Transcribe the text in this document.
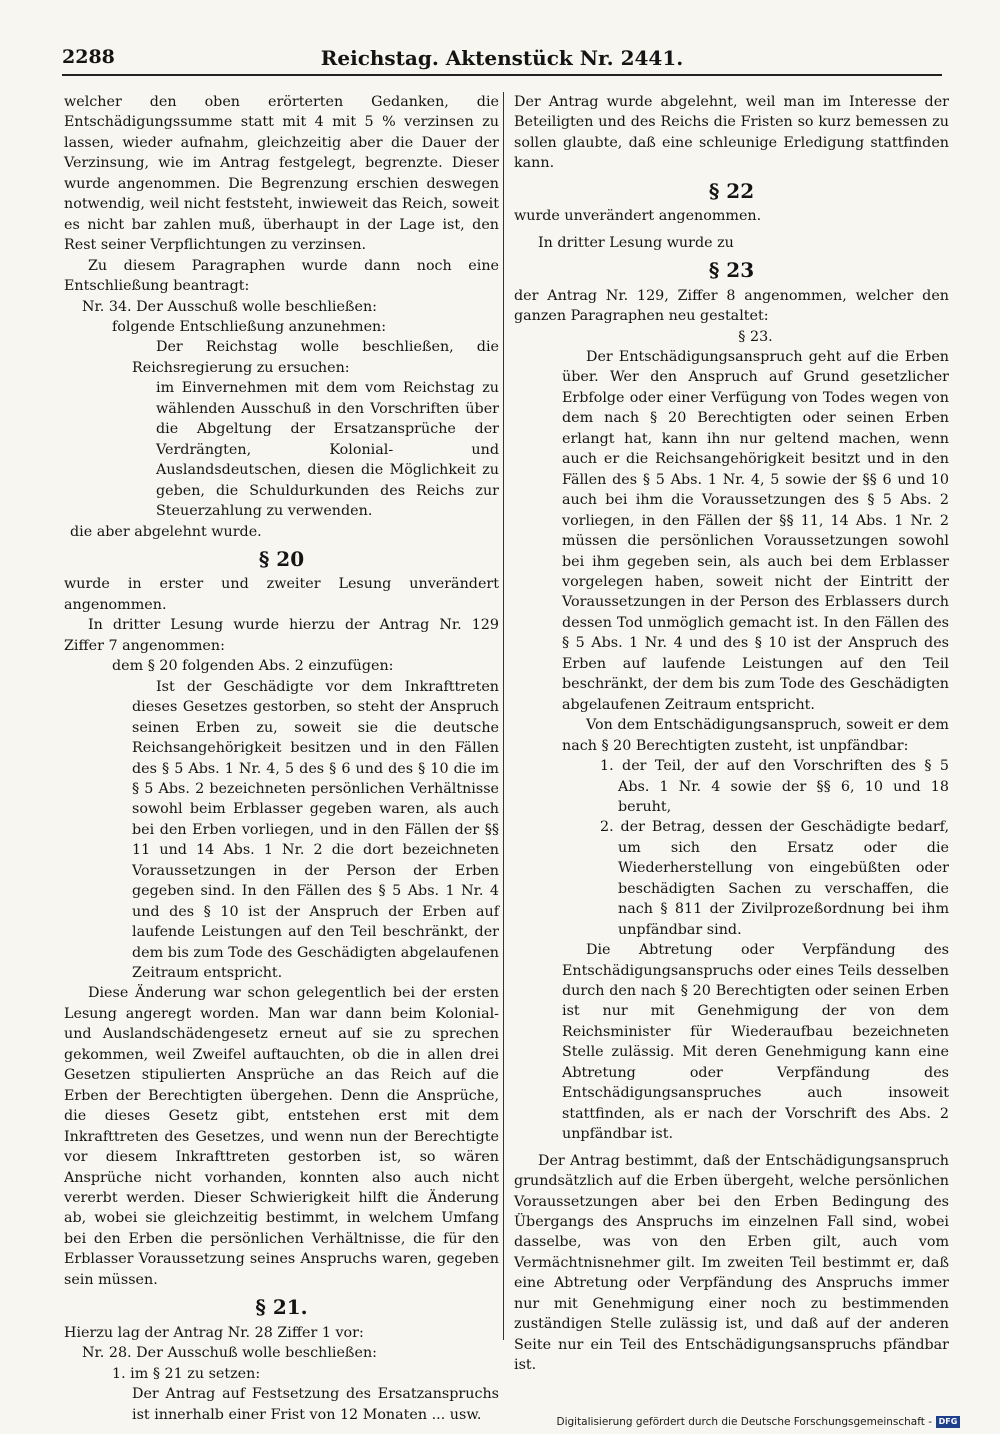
2288	Reichstag. Aktenstück Nr. 2441.

welcher den oben erörterten Gedanken, die Entschädigungssumme statt mit 4 mit 5 % verzinsen zu lassen, wieder aufnahm, gleichzeitig aber die Dauer der Verzinsung, wie im Antrag festgelegt, begrenzte. Dieser wurde angenommen. Die Begrenzung erschien deswegen notwendig, weil nicht feststeht, inwieweit das Reich, soweit es nicht bar zahlen muß, überhaupt in der Lage ist, den Rest seiner Verpflichtungen zu verzinsen.

Zu diesem Paragraphen wurde dann noch eine Entschließung beantragt:

Nr. 34. Der Ausschuß wolle beschließen:

folgende Entschließung anzunehmen:

Der Reichstag wolle beschließen, die Reichsregierung zu ersuchen:

im Einvernehmen mit dem vom Reichstag zu wählenden Ausschuß in den Vorschriften über die Abgeltung der Ersatzansprüche der Verdrängten, Kolonial- und Auslandsdeutschen, diesen die Möglichkeit zu geben, die Schuldurkunden des Reichs zur Steuerzahlung zu verwenden.

die aber abgelehnt wurde.

§ 20

wurde in erster und zweiter Lesung unverändert angenommen.

In dritter Lesung wurde hierzu der Antrag Nr. 129 Ziffer 7 angenommen:

dem § 20 folgenden Abs. 2 einzufügen:

Ist der Geschädigte vor dem Inkrafttreten dieses Gesetzes gestorben, so steht der Anspruch seinen Erben zu, soweit sie die deutsche Reichsangehörigkeit besitzen und in den Fällen des § 5 Abs. 1 Nr. 4, 5 des § 6 und des § 10 die im § 5 Abs. 2 bezeichneten persönlichen Verhältnisse sowohl beim Erblasser gegeben waren, als auch bei den Erben vorliegen, und in den Fällen der §§ 11 und 14 Abs. 1 Nr. 2 die dort bezeichneten Voraussetzungen in der Person der Erben gegeben sind. In den Fällen des § 5 Abs. 1 Nr. 4 und des § 10 ist der Anspruch der Erben auf laufende Leistungen auf den Teil beschränkt, der dem bis zum Tode des Geschädigten abgelaufenen Zeitraum entspricht.

Diese Änderung war schon gelegentlich bei der ersten Lesung angeregt worden. Man war dann beim Kolonial- und Auslandschädengesetz erneut auf sie zu sprechen gekommen, weil Zweifel auftauchten, ob die in allen drei Gesetzen stipulierten Ansprüche an das Reich auf die Erben der Berechtigten übergehen. Denn die Ansprüche, die dieses Gesetz gibt, entstehen erst mit dem Inkrafttreten des Gesetzes, und wenn nun der Berechtigte vor diesem Inkrafttreten gestorben ist, so wären Ansprüche nicht vorhanden, konnten also auch nicht vererbt werden. Dieser Schwierigkeit hilft die Änderung ab, wobei sie gleichzeitig bestimmt, in welchem Umfang bei den Erben die persönlichen Verhältnisse, die für den Erblasser Voraussetzung seines Anspruchs waren, gegeben sein müssen.

§ 21.

Hierzu lag der Antrag Nr. 28 Ziffer 1 vor:

Nr. 28. Der Ausschuß wolle beschließen:

1. im § 21 zu setzen:

Der Antrag auf Festsetzung des Ersatzanspruchs ist innerhalb einer Frist von 12 Monaten ... usw.

Der Antrag wurde abgelehnt, weil man im Interesse der Beteiligten und des Reichs die Fristen so kurz bemessen zu sollen glaubte, daß eine schleunige Erledigung stattfinden kann.

§ 22

wurde unverändert angenommen.

In dritter Lesung wurde zu

§ 23

der Antrag Nr. 129, Ziffer 8 angenommen, welcher den ganzen Paragraphen neu gestaltet:

§ 23.

Der Entschädigungsanspruch geht auf die Erben über. Wer den Anspruch auf Grund gesetzlicher Erbfolge oder einer Verfügung von Todes wegen von dem nach § 20 Berechtigten oder seinen Erben erlangt hat, kann ihn nur geltend machen, wenn auch er die Reichsangehörigkeit besitzt und in den Fällen des § 5 Abs. 1 Nr. 4, 5 sowie der §§ 6 und 10 auch bei ihm die Voraussetzungen des § 5 Abs. 2 vorliegen, in den Fällen der §§ 11, 14 Abs. 1 Nr. 2 müssen die persönlichen Voraussetzungen sowohl bei ihm gegeben sein, als auch bei dem Erblasser vorgelegen haben, soweit nicht der Eintritt der Voraussetzungen in der Person des Erblassers durch dessen Tod unmöglich gemacht ist. In den Fällen des § 5 Abs. 1 Nr. 4 und des § 10 ist der Anspruch des Erben auf laufende Leistungen auf den Teil beschränkt, der dem bis zum Tode des Geschädigten abgelaufenen Zeitraum entspricht.

Von dem Entschädigungsanspruch, soweit er dem nach § 20 Berechtigten zusteht, ist unpfändbar:

1. der Teil, der auf den Vorschriften des § 5 Abs. 1 Nr. 4 sowie der §§ 6, 10 und 18 beruht,

2. der Betrag, dessen der Geschädigte bedarf, um sich den Ersatz oder die Wiederherstellung von eingebüßten oder beschädigten Sachen zu verschaffen, die nach § 811 der Zivilprozeßordnung bei ihm unpfändbar sind.

Die Abtretung oder Verpfändung des Entschädigungsanspruchs oder eines Teils desselben durch den nach § 20 Berechtigten oder seinen Erben ist nur mit Genehmigung der von dem Reichsminister für Wiederaufbau bezeichneten Stelle zulässig. Mit deren Genehmigung kann eine Abtretung oder Verpfändung des Entschädigungsanspruches auch insoweit stattfinden, als er nach der Vorschrift des Abs. 2 unpfändbar ist.

Der Antrag bestimmt, daß der Entschädigungsanspruch grundsätzlich auf die Erben übergeht, welche persönlichen Voraussetzungen aber bei den Erben Bedingung des Übergangs des Anspruchs im einzelnen Fall sind, wobei dasselbe, was von den Erben gilt, auch vom Vermächtnisnehmer gilt. Im zweiten Teil bestimmt er, daß eine Abtretung oder Verpfändung des Anspruchs immer nur mit Genehmigung einer noch zu bestimmenden zuständigen Stelle zulässig ist, und daß auf der anderen Seite nur ein Teil des Entschädigungsanspruchs pfändbar ist.

Digitalisierung gefördert durch die Deutsche Forschungsgemeinschaft - DFG
